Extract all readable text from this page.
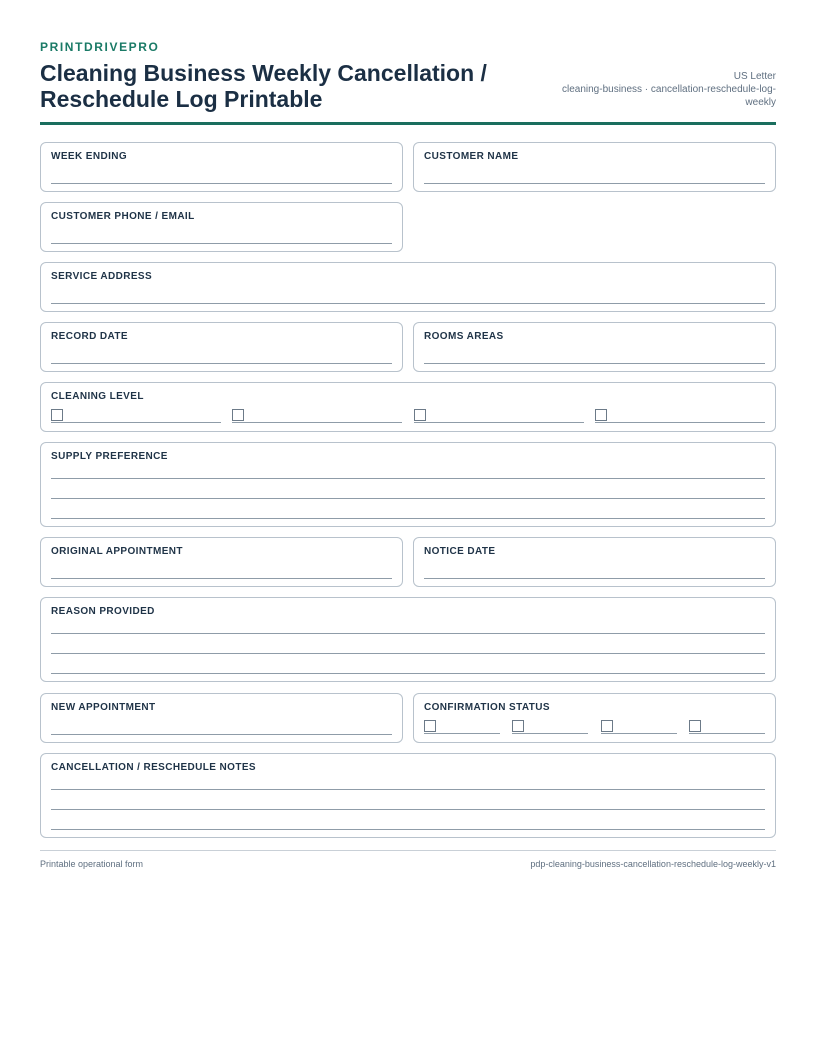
PRINTDRIVEPRO
Cleaning Business Weekly Cancellation / Reschedule Log Printable
US Letter
cleaning-business · cancellation-reschedule-log-weekly
WEEK ENDING	CUSTOMER NAME
CUSTOMER PHONE / EMAIL
SERVICE ADDRESS
RECORD DATE	ROOMS AREAS
CLEANING LEVEL
SUPPLY PREFERENCE
ORIGINAL APPOINTMENT	NOTICE DATE
REASON PROVIDED
NEW APPOINTMENT	CONFIRMATION STATUS
CANCELLATION / RESCHEDULE NOTES
Printable operational form	pdp-cleaning-business-cancellation-reschedule-log-weekly-v1
